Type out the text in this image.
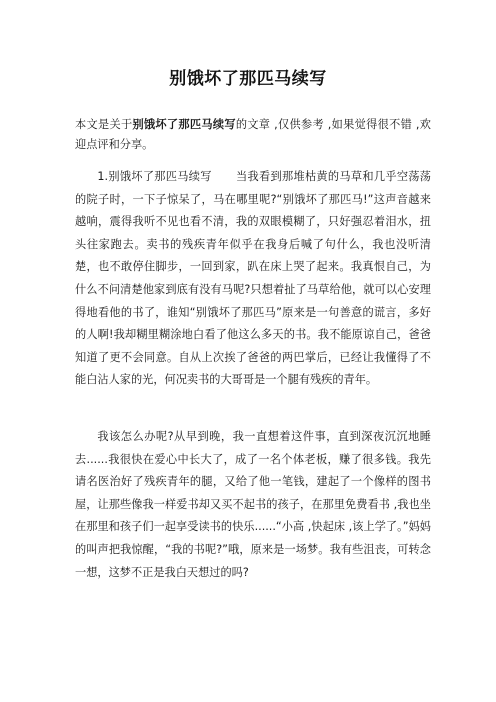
别饿坏了那匹马续写
本文是关于别饿坏了那匹马续写的文章 ,仅供参考 ,如果觉得很不错 ,欢迎点评和分享。

1.别饿坏了那匹马续写 当我看到那堆枯黄的马草和几乎空荡荡的院子时，一下子惊呆了，马在哪里呢?“别饿坏了那匹马!”这声音越来越响，震得我听不见也看不清，我的双眼模糊了，只好强忍着泪水，扭头往家跑去。卖书的残疾青年似乎在我身后喊了句什么，我也没听清楚，也不敢停住脚步，一回到家，趴在床上哭了起来。我真恨自己，为什么不问清楚他家到底有没有马呢?只想着扯了马草给他，就可以心安理得地看他的书了，谁知“别饿坏了那匹马”原来是一句善意的谎言，多好的人啊!我却糊里糊涂地白看了他这么多天的书。我不能原谅自己，爸爸知道了更不会同意。自从上次挨了爸爸的两巴掌后，已经让我懂得了不能白沾人家的光，何况卖书的大哥哥是一个腿有残疾的青年。

我该怎么办呢?从早到晚，我一直想着这件事，直到深夜沉沉地睡去......我很快在爱心中长大了，成了一名个体老板，赚了很多钱。我先请名医治好了残疾青年的腿，又给了他一笔钱，建起了一个像样的图书屋，让那些像我一样爱书却又买不起书的孩子，在那里免费看书 ,我也坐在那里和孩子们一起享受读书的快乐......“小高 ,快起床 ,该上学了。”妈妈的叫声把我惊醒，“我的书呢?”哦，原来是一场梦。我有些沮丧，可转念一想，这梦不正是我白天想过的吗?
